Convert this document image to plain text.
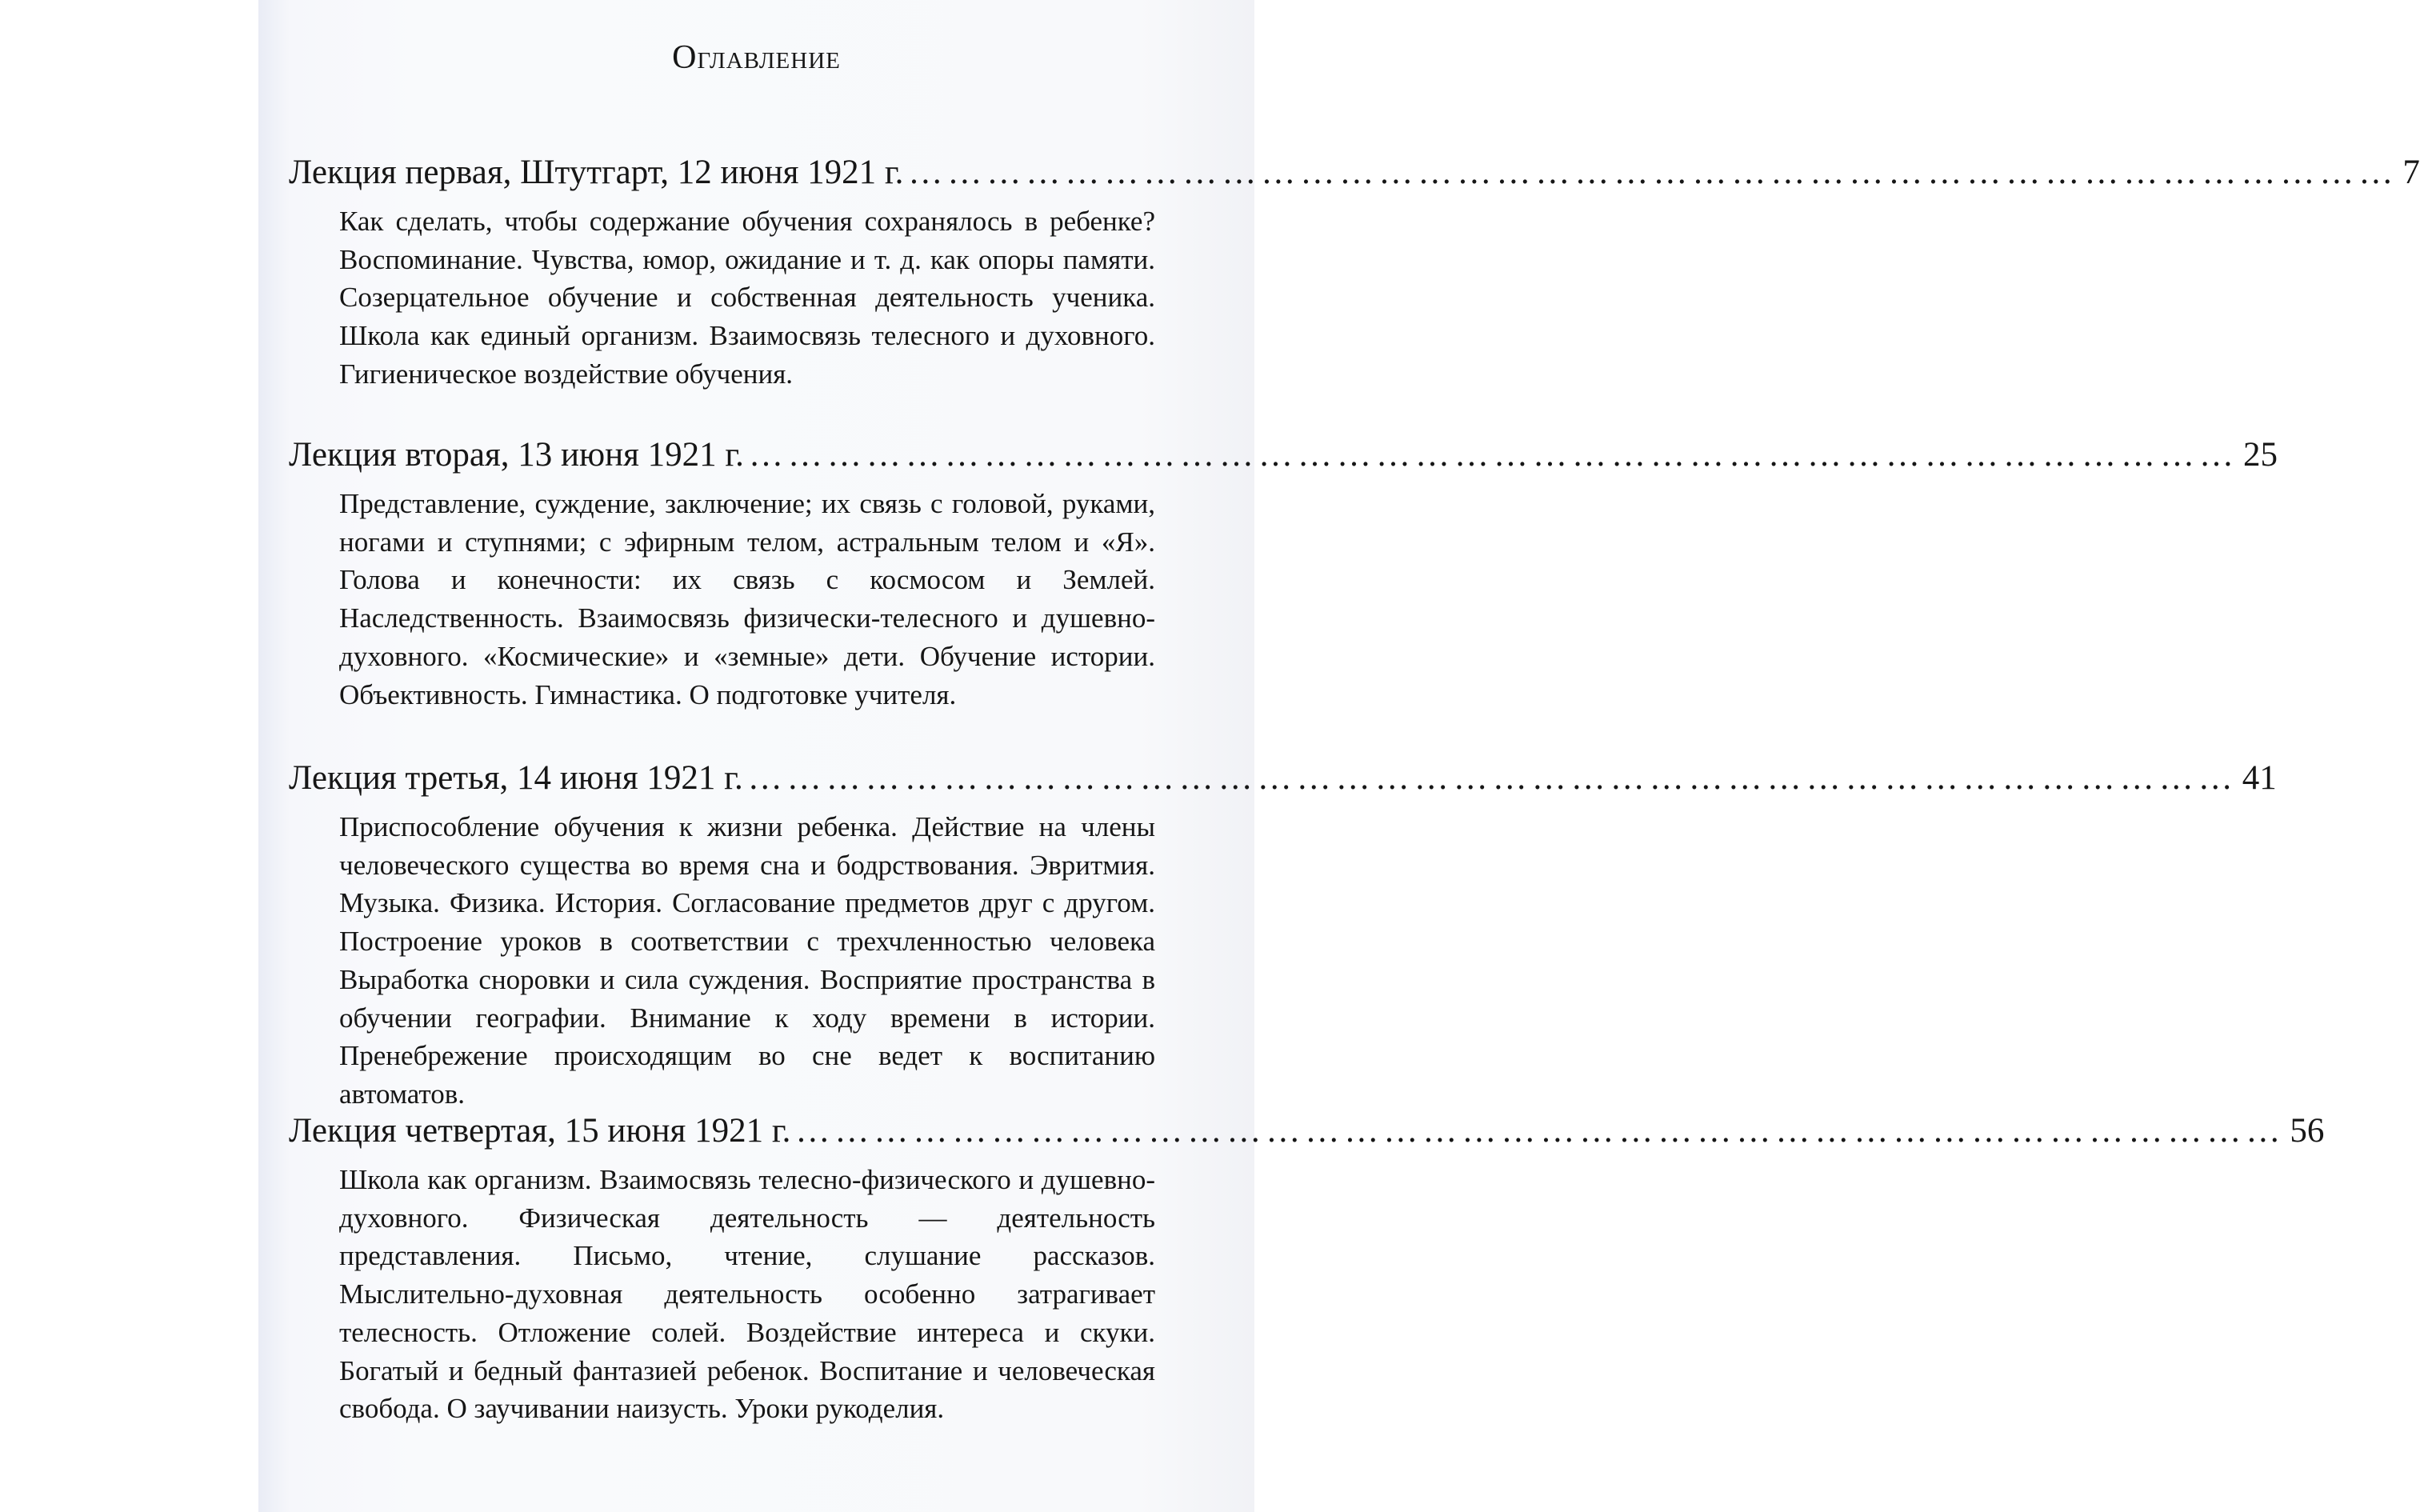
Оглавление
Лекция первая, Штутгарт, 12 июня 1921 г. …………………………………………………………………………………………………… 7
Как сделать, чтобы содержание обучения сохранялось в ребенке? Воспоминание. Чувства, юмор, ожидание и т. д. как опоры памяти. Созерцательное обучение и собственная деятельность ученика. Школа как единый организм. Взаимосвязь телесного и духовного. Гигиеническое воздействие обучения.
Лекция вторая, 13 июня 1921 г. …………………………………………………………………………………………………… 25
Представление, суждение, заключение; их связь с головой, руками, ногами и ступнями; с эфирным телом, астральным телом и «Я». Голова и конечности: их связь с космосом и Землей. Наследственность. Взаимосвязь физически-телесного и душевно-духовного. «Космические» и «земные» дети. Обучение истории. Объективность. Гимнастика. О подготовке учителя.
Лекция третья, 14 июня 1921 г. …………………………………………………………………………………………………… 41
Приспособление обучения к жизни ребенка. Действие на члены человеческого существа во время сна и бодрствования. Эвритмия. Музыка. Физика. История. Согласование предметов друг с другом. Построение уроков в соответствии с трехчленностью человека Выработка сноровки и сила суждения. Восприятие пространства в обучении географии. Внимание к ходу времени в истории. Пренебрежение происходящим во сне ведет к воспитанию автоматов.
Лекция четвертая, 15 июня 1921 г. …………………………………………………………………………………………………… 56
Школа как организм. Взаимосвязь телесно-физического и душевно-духовного. Физическая деятельность — деятельность представления. Письмо, чтение, слушание рассказов. Мыслительно-духовная деятельность особенно затрагивает телесность. Отложение солей. Воздействие интереса и скуки. Богатый и бедный фантазией ребенок. Воспитание и человеческая свобода. О заучивании наизусть. Уроки рукоделия.
